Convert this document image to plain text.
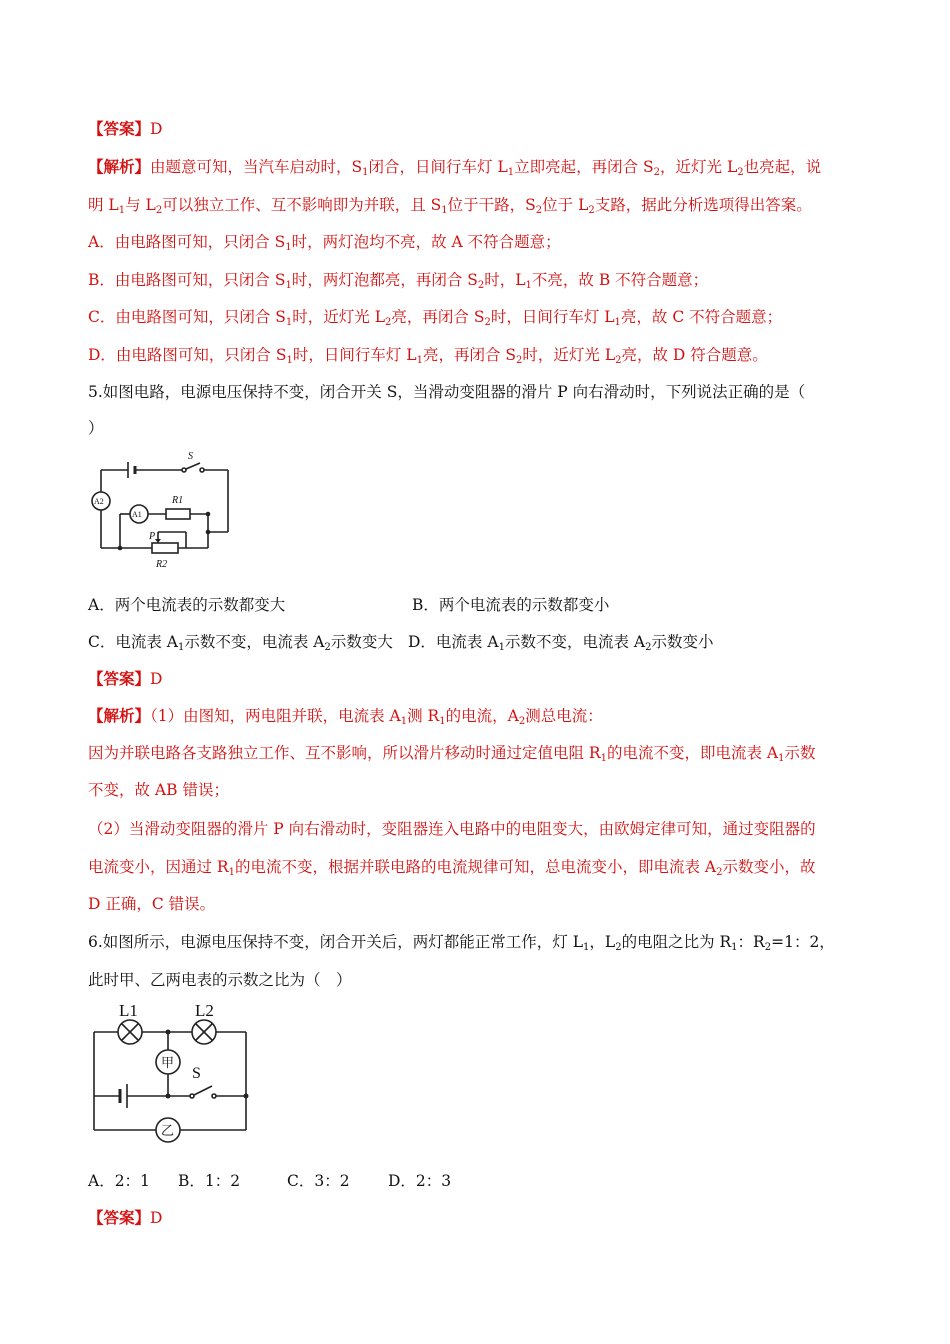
【答案】D
【解析】由题意可知，当汽车启动时，$S_1$闭合，日间行车灯 $L_1$立即亮起，再闭合 $S_2$，近灯光 $L_2$也亮起，说
明 $L_1$与 $L_2$可以独立工作、互不影响即为并联，且 $S_1$位于干路，$S_2$位于 $L_2$支路，据此分析选项得出答案。
A．由电路图可知，只闭合 $S_1$时，两灯泡均不亮，故 A 不符合题意；
B．由电路图可知，只闭合 $S_1$时，两灯泡都亮，再闭合 $S_2$时，$L_1$不亮，故 B 不符合题意；
C．由电路图可知，只闭合 $S_1$时，近灯光 $L_2$亮，再闭合 $S_2$时，日间行车灯 $L_1$亮，故 C 不符合题意；
D．由电路图可知，只闭合 $S_1$时，日间行车灯 $L_1$亮，再闭合 $S_2$时，近灯光 $L_2$亮，故 D 符合题意。
5.如图电路，电源电压保持不变，闭合开关 S，当滑动变阻器的滑片 P 向右滑动时，下列说法正确的是（
）
S
A2
A1
R1
P
R2
A．两个电流表的示数都变大	B．两个电流表的示数都变小
C．电流表 $A_1$示数不变，电流表 $A_2$示数变大 D．电流表 $A_1$示数不变，电流表 $A_2$示数变小
【答案】D
【解析】（1）由图知，两电阻并联，电流表 $A_1$测 $R_1$的电流，$A_2$测总电流：
因为并联电路各支路独立工作、互不影响，所以滑片移动时通过定值电阻 $R_1$的电流不变，即电流表 $A_1$示数
不变，故 AB 错误；
（2）当滑动变阻器的滑片 P 向右滑动时，变阻器连入电路中的电阻变大，由欧姆定律可知，通过变阻器的
电流变小，因通过 $R_1$的电流不变，根据并联电路的电流规律可知，总电流变小，即电流表 $A_2$示数变小，故
D 正确，C 错误。
6.如图所示，电源电压保持不变，闭合开关后，两灯都能正常工作，灯 $L_1$，$L_2$的电阻之比为 $R_1$：$R_2=1$：2，
此时甲、乙两电表的示数之比为（　）
L1	L2
甲
S
乙
A．2：1 B．1：2	C．3：2 D．2：3
【答案】D
